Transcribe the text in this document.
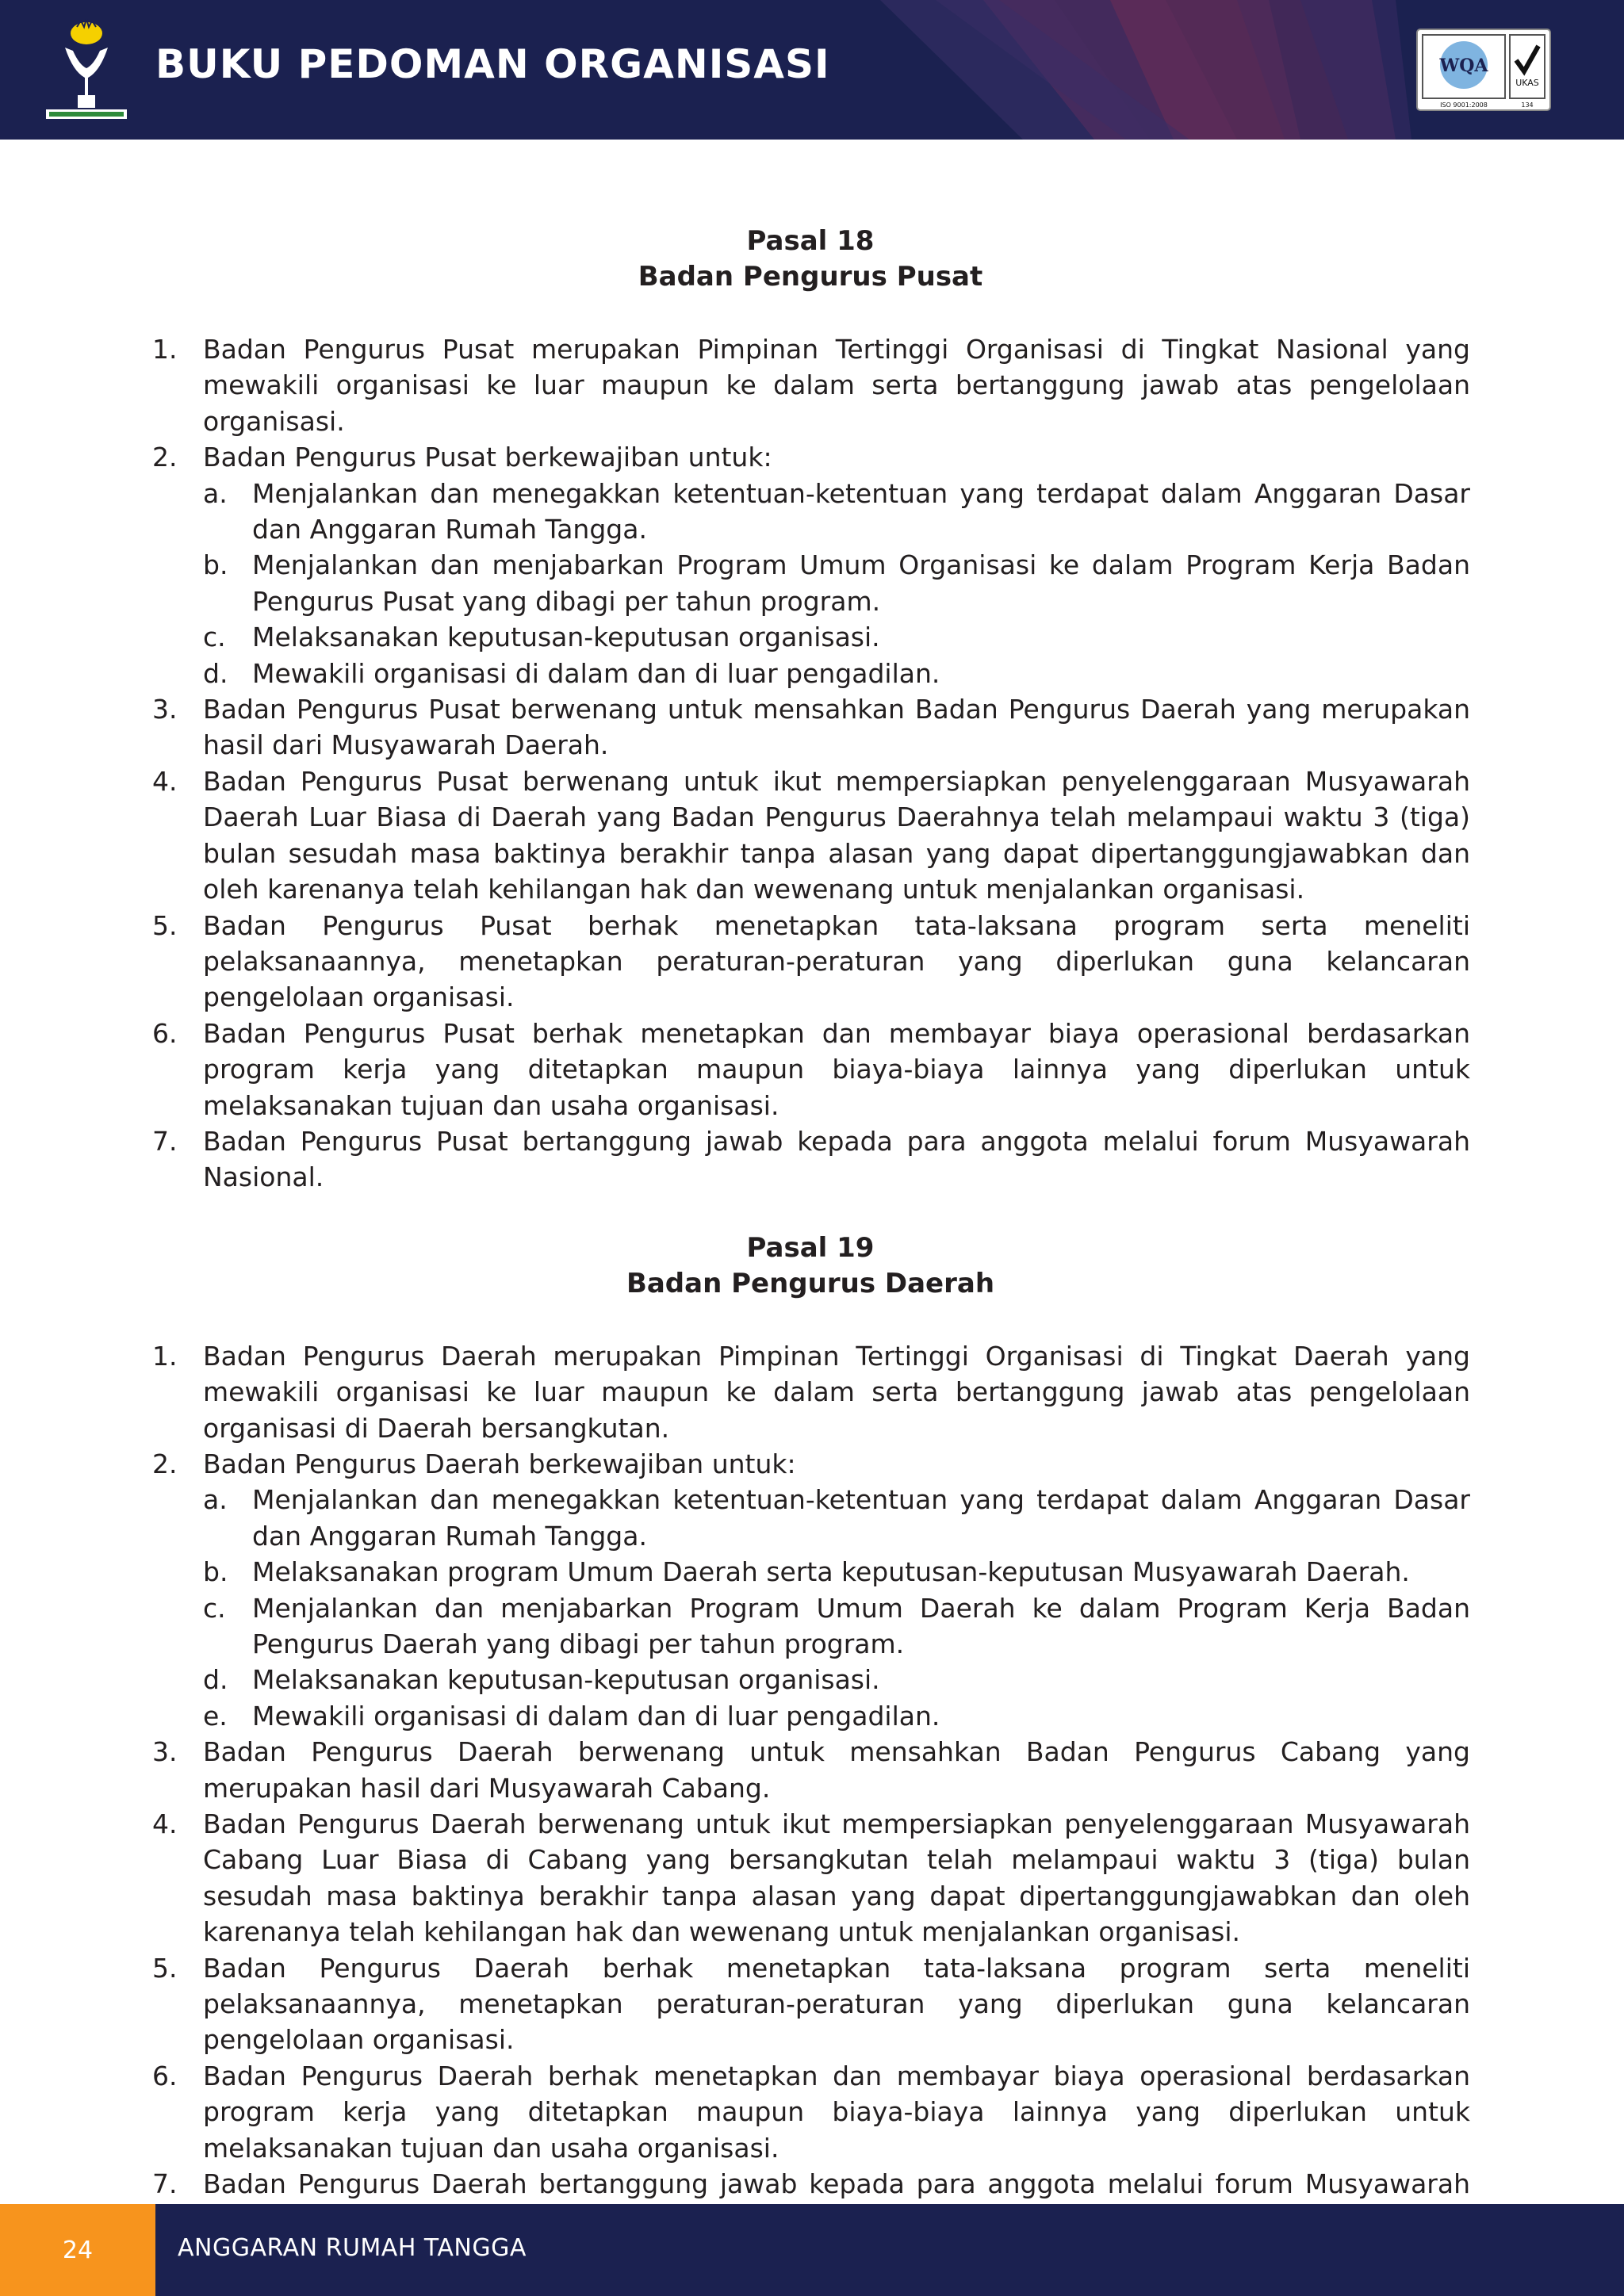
BUKU PEDOMAN ORGANISASI	WQA
UKAS
ISO 9001:2008	134
Pasal 18
Badan Pengurus Pusat
1. Badan Pengurus Pusat merupakan Pimpinan Tertinggi Organisasi di Tingkat Nasional yang mewakili organisasi ke luar maupun ke dalam serta bertanggung jawab atas pengelolaan organisasi.
2. Badan Pengurus Pusat berkewajiban untuk:
a. Menjalankan dan menegakkan ketentuan-ketentuan yang terdapat dalam Anggaran Dasar dan Anggaran Rumah Tangga.
b. Menjalankan dan menjabarkan Program Umum Organisasi ke dalam Program Kerja Badan Pengurus Pusat yang dibagi per tahun program.
c. Melaksanakan keputusan-keputusan organisasi.
d. Mewakili organisasi di dalam dan di luar pengadilan.
3. Badan Pengurus Pusat berwenang untuk mensahkan Badan Pengurus Daerah yang merupakan hasil dari Musyawarah Daerah.
4. Badan Pengurus Pusat berwenang untuk ikut mempersiapkan penyelenggaraan Musyawarah Daerah Luar Biasa di Daerah yang Badan Pengurus Daerahnya telah melampaui waktu 3 (tiga) bulan sesudah masa baktinya berakhir tanpa alasan yang dapat dipertanggungjawabkan dan oleh karenanya telah kehilangan hak dan wewenang untuk menjalankan organisasi.
5. Badan Pengurus Pusat berhak menetapkan tata-laksana program serta meneliti pelaksanaannya, menetapkan peraturan-peraturan yang diperlukan guna kelancaran pengelolaan organisasi.
6. Badan Pengurus Pusat berhak menetapkan dan membayar biaya operasional berdasarkan program kerja yang ditetapkan maupun biaya-biaya lainnya yang diperlukan untuk melaksanakan tujuan dan usaha organisasi.
7. Badan Pengurus Pusat bertanggung jawab kepada para anggota melalui forum Musyawarah Nasional.
Pasal 19
Badan Pengurus Daerah
1. Badan Pengurus Daerah merupakan Pimpinan Tertinggi Organisasi di Tingkat Daerah yang mewakili organisasi ke luar maupun ke dalam serta bertanggung jawab atas pengelolaan organisasi di Daerah bersangkutan.
2. Badan Pengurus Daerah berkewajiban untuk:
a. Menjalankan dan menegakkan ketentuan-ketentuan yang terdapat dalam Anggaran Dasar dan Anggaran Rumah Tangga.
b. Melaksanakan program Umum Daerah serta keputusan-keputusan Musyawarah Daerah.
c. Menjalankan dan menjabarkan Program Umum Daerah ke dalam Program Kerja Badan Pengurus Daerah yang dibagi per tahun program.
d. Melaksanakan keputusan-keputusan organisasi.
e. Mewakili organisasi di dalam dan di luar pengadilan.
3. Badan Pengurus Daerah berwenang untuk mensahkan Badan Pengurus Cabang yang merupakan hasil dari Musyawarah Cabang.
4. Badan Pengurus Daerah berwenang untuk ikut mempersiapkan penyelenggaraan Musyawarah Cabang Luar Biasa di Cabang yang bersangkutan telah melampaui waktu 3 (tiga) bulan sesudah masa baktinya berakhir tanpa alasan yang dapat dipertanggungjawabkan dan oleh karenanya telah kehilangan hak dan wewenang untuk menjalankan organisasi.
5. Badan Pengurus Daerah berhak menetapkan tata-laksana program serta meneliti pelaksanaannya, menetapkan peraturan-peraturan yang diperlukan guna kelancaran pengelolaan organisasi.
6. Badan Pengurus Daerah berhak menetapkan dan membayar biaya operasional berdasarkan program kerja yang ditetapkan maupun biaya-biaya lainnya yang diperlukan untuk melaksanakan tujuan dan usaha organisasi.
7. Badan Pengurus Daerah bertanggung jawab kepada para anggota melalui forum Musyawarah
24	ANGGARAN RUMAH TANGGA
